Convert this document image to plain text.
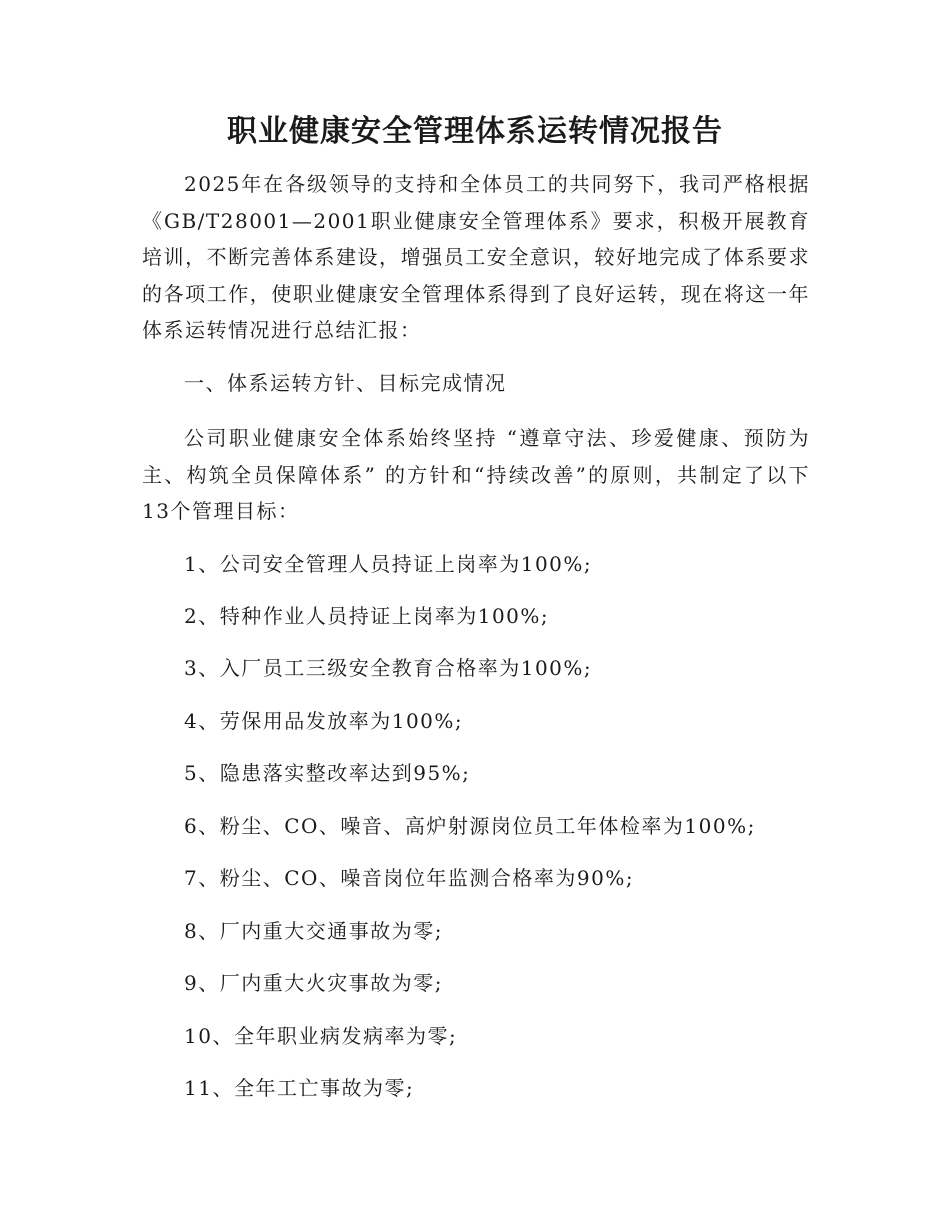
职业健康安全管理体系运转情况报告
2025年在各级领导的支持和全体员工的共同努下，我司严格根据《GB/T28001—2001职业健康安全管理体系》要求，积极开展教育培训，不断完善体系建设，增强员工安全意识，较好地完成了体系要求的各项工作，使职业健康安全管理体系得到了良好运转，现在将这一年体系运转情况进行总结汇报：
一、体系运转方针、目标完成情况
公司职业健康安全体系始终坚持 “遵章守法、珍爱健康、预防为主、构筑全员保障体系” 的方针和“持续改善”的原则，共制定了以下13个管理目标：
1、公司安全管理人员持证上岗率为100%;
2、特种作业人员持证上岗率为100%;
3、入厂员工三级安全教育合格率为100%;
4、劳保用品发放率为100%;
5、隐患落实整改率达到95%;
6、粉尘、CO、噪音、高炉射源岗位员工年体检率为100%;
7、粉尘、CO、噪音岗位年监测合格率为90%;
8、厂内重大交通事故为零;
9、厂内重大火灾事故为零;
10、全年职业病发病率为零;
11、全年工亡事故为零;
